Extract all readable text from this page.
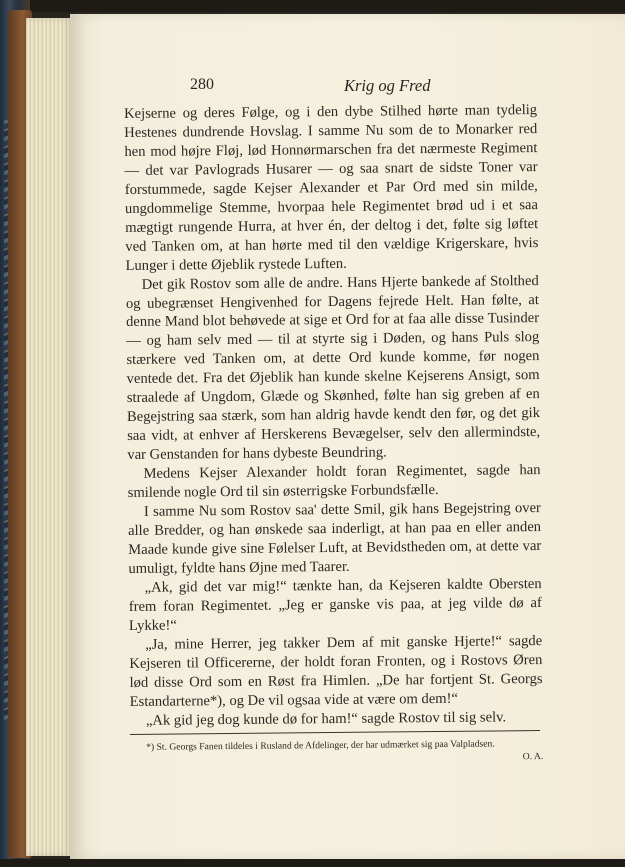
280	Krig og Fred

Kejserne og deres Følge, og i den dybe Stilhed hørte man tydelig Hestenes dundrende Hovslag. I samme Nu som de to Monarker red hen mod højre Fløj, lød Honnørmarschen fra det nærmeste Regiment — det var Pavlograds Husarer — og saa snart de sidste Toner var forstummede, sagde Kejser Alexander et Par Ord med sin milde, ungdommelige Stemme, hvorpaa hele Regimentet brød ud i et saa mægtigt rungende Hurra, at hver én, der deltog i det, følte sig løftet ved Tanken om, at han hørte med til den vældige Krigerskare, hvis Lunger i dette Øjeblik rystede Luften.

Det gik Rostov som alle de andre. Hans Hjerte bankede af Stolthed og ubegrænset Hengivenhed for Dagens fejrede Helt. Han følte, at denne Mand blot behøvede at sige et Ord for at faa alle disse Tusinder — og ham selv med — til at styrte sig i Døden, og hans Puls slog stærkere ved Tanken om, at dette Ord kunde komme, før nogen ventede det. Fra det Øjeblik han kunde skelne Kejserens Ansigt, som straalede af Ungdom, Glæde og Skønhed, følte han sig greben af en Begejstring saa stærk, som han aldrig havde kendt den før, og det gik saa vidt, at enhver af Herskerens Bevægelser, selv den allermindste, var Genstanden for hans dybeste Beundring.

Medens Kejser Alexander holdt foran Regimentet, sagde han smilende nogle Ord til sin østerrigske Forbundsfælle.

I samme Nu som Rostov saa' dette Smil, gik hans Begejstring over alle Bredder, og han ønskede saa inderligt, at han paa en eller anden Maade kunde give sine Følelser Luft, at Bevidstheden om, at dette var umuligt, fyldte hans Øjne med Taarer.

„Ak, gid det var mig!“ tænkte han, da Kejseren kaldte Obersten frem foran Regimentet. „Jeg er ganske vis paa, at jeg vilde dø af Lykke!“

„Ja, mine Herrer, jeg takker Dem af mit ganske Hjerte!“ sagde Kejseren til Officererne, der holdt foran Fronten, og i Rostovs Øren lød disse Ord som en Røst fra Himlen. „De har fortjent St. Georgs Estandarterne*), og De vil ogsaa vide at være om dem!“

„Ak gid jeg dog kunde dø for ham!“ sagde Rostov til sig selv.

*) St. Georgs Fanen tildeles i Rusland de Afdelinger, der har udmærket sig paa Valpladsen.

O. A.
